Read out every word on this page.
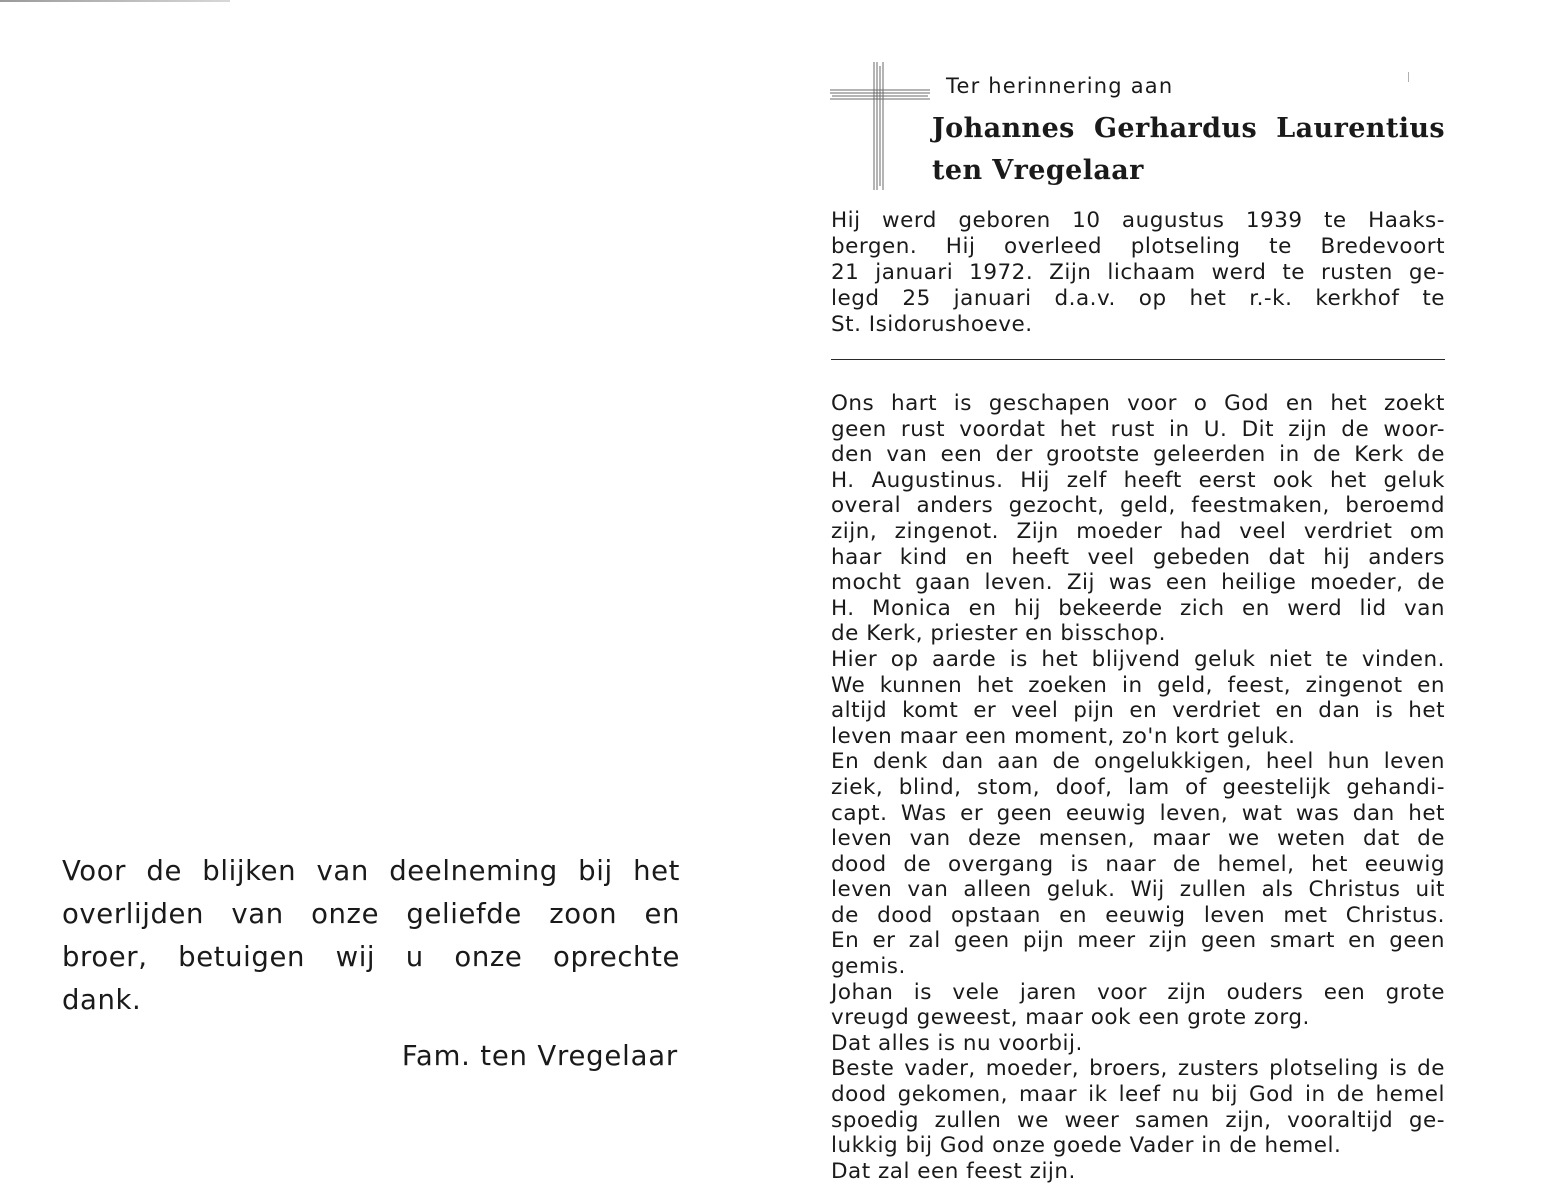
Voor de blijken van deelneming bij het
overlijden van onze geliefde zoon en
broer, betuigen wij u onze oprechte
dank.

Fam. ten Vregelaar

Ter herinnering aan

Johannes Gerhardus Laurentius
ten Vregelaar
Hij werd geboren 10 augustus 1939 te Haaks-
bergen. Hij overleed plotseling te Bredevoort
21 januari 1972. Zijn lichaam werd te rusten ge-
legd 25 januari d.a.v. op het r.-k. kerkhof te
St. Isidorushoeve.
Ons hart is geschapen voor o God en het zoekt
geen rust voordat het rust in U. Dit zijn de woor-
den van een der grootste geleerden in de Kerk de
H. Augustinus. Hij zelf heeft eerst ook het geluk
overal anders gezocht, geld, feestmaken, beroemd
zijn, zingenot. Zijn moeder had veel verdriet om
haar kind en heeft veel gebeden dat hij anders
mocht gaan leven. Zij was een heilige moeder, de
H. Monica en hij bekeerde zich en werd lid van
de Kerk, priester en bisschop.
Hier op aarde is het blijvend geluk niet te vinden.
We kunnen het zoeken in geld, feest, zingenot en
altijd komt er veel pijn en verdriet en dan is het
leven maar een moment, zo'n kort geluk.
En denk dan aan de ongelukkigen, heel hun leven
ziek, blind, stom, doof, lam of geestelijk gehandi-
capt. Was er geen eeuwig leven, wat was dan het
leven van deze mensen, maar we weten dat de
dood de overgang is naar de hemel, het eeuwig
leven van alleen geluk. Wij zullen als Christus uit
de dood opstaan en eeuwig leven met Christus.
En er zal geen pijn meer zijn geen smart en geen
gemis.
Johan is vele jaren voor zijn ouders een grote
vreugd geweest, maar ook een grote zorg.
Dat alles is nu voorbij.
Beste vader, moeder, broers, zusters plotseling is de
dood gekomen, maar ik leef nu bij God in de hemel
spoedig zullen we weer samen zijn, vooraltijd ge-
lukkig bij God onze goede Vader in de hemel.
Dat zal een feest zijn.
